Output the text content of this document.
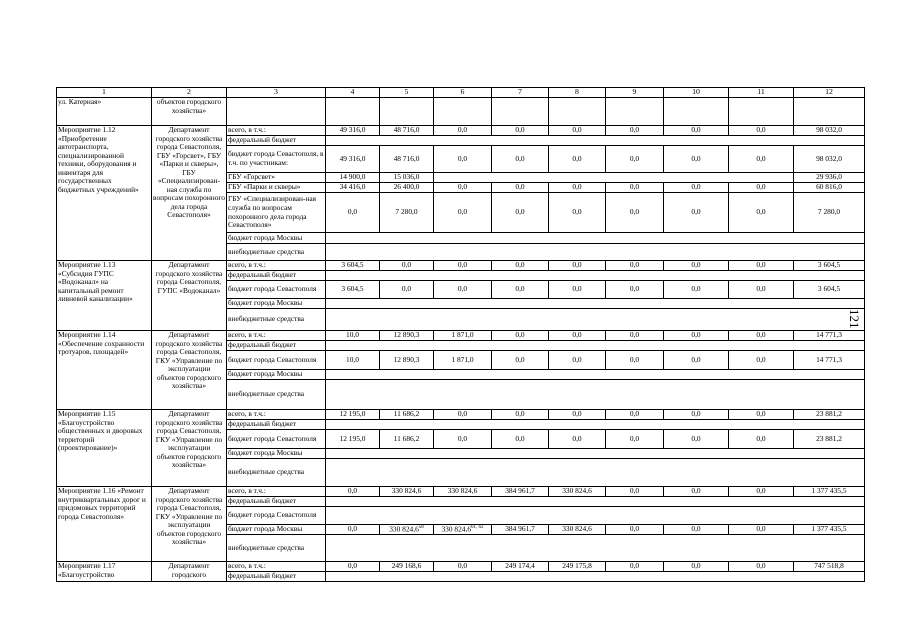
1	2	3	4	5	6	7	8	9	10	11	12
ул. Катерная»	объектов городского хозяйства»										
Мероприятие 1.12 «Приобретение автотранспорта, специализированной техники, оборудования и инвентаря для государственных бюджетных учреждений»	Департамент городского хозяйства города Севастополя, ГБУ «Горсвет», ГБУ «Парки и скверы», ГБУ «Специализирован-ная служба по вопросам похоронного дела города Севастополя»	всего, в т.ч.:	49 316,0	48 716,0	0,0	0,0	0,0	0,0	0,0	0,0	98 032,0
		федеральный бюджет									
		бюджет города Севастополя, в т.ч. по участникам:	49 316,0	48 716,0	0,0	0,0	0,0	0,0	0,0	0,0	98 032,0
		ГБУ «Горсвет»	14 900,0	15 036,0							29 936,0
		ГБУ «Парки и скверы»	34 416,0	26 400,0	0,0	0,0	0,0	0,0	0,0	0,0	60 816,0
		ГБУ «Специализирован-ная служба по вопросам похоронного дела города Севастополя»	0,0	7 280,0	0,0	0,0	0,0	0,0	0,0	0,0	7 280,0
		бюджет города Москвы									
		внебюджетные средства									
Мероприятие 1.13 «Субсидия ГУПС «Водоканал» на капитальный ремонт ливневой канализации»	Департамент городского хозяйства города Севастополя, ГУПС «Водоканал»	всего, в т.ч.:	3 604,5	0,0	0,0	0,0	0,0	0,0	0,0	0,0	3 604,5
		федеральный бюджет									
		бюджет города Севастополя	3 604,5	0,0	0,0	0,0	0,0	0,0	0,0	0,0	3 604,5
		бюджет города Москвы									
		внебюджетные средства									
Мероприятие 1.14 «Обеспечение сохранности тротуаров, площадей»	Департамент городского хозяйства города Севастополя, ГКУ «Управление по эксплуатации объектов городского хозяйства»	всего, в т.ч.:	10,0	12 890,3	1 871,0	0,0	0,0	0,0	0,0	0,0	14 771,3
		федеральный бюджет									
		бюджет города Севастополя	10,0	12 890,3	1 871,0	0,0	0,0	0,0	0,0	0,0	14 771,3
		бюджет города Москвы									
		внебюджетные средства									
Мероприятие 1.15 «Благоустройство общественных и дворовых территорий (проектирование)»	Департамент городского хозяйства города Севастополя, ГКУ «Управление по эксплуатации объектов городского хозяйства»	всего, в т.ч.:	12 195,0	11 686,2	0,0	0,0	0,0	0,0	0,0	0,0	23 881,2
		федеральный бюджет									
		бюджет города Севастополя	12 195,0	11 686,2	0,0	0,0	0,0	0,0	0,0	0,0	23 881,2
		бюджет города Москвы									
		внебюджетные средства									
Мероприятие 1.16 «Ремонт внутриквартальных дорог и придомовых территорий города Севастополя»	Департамент городского хозяйства города Севастополя, ГКУ «Управление по эксплуатации объектов городского хозяйства»	всего, в т.ч.:	0,0	330 824,6	330 824,6	384 961,7	330 824,6	0,0	0,0	0,0	1 377 435,5
		федеральный бюджет									
		бюджет города Севастополя									
		бюджет города Москвы	0,0	330 824,6$^{58}$	330 824,6$^{61, 62}$	384 961,7	330 824,6	0,0	0,0	0,0	1 377 435,5
		внебюджетные средства									
Мероприятие 1.17 «Благоустройство	Департамент городского	всего, в т.ч.:	0,0	249 168,6	0,0	249 174,4	249 175,8	0,0	0,0	0,0	747 518,8
		федеральный бюджет									
121
